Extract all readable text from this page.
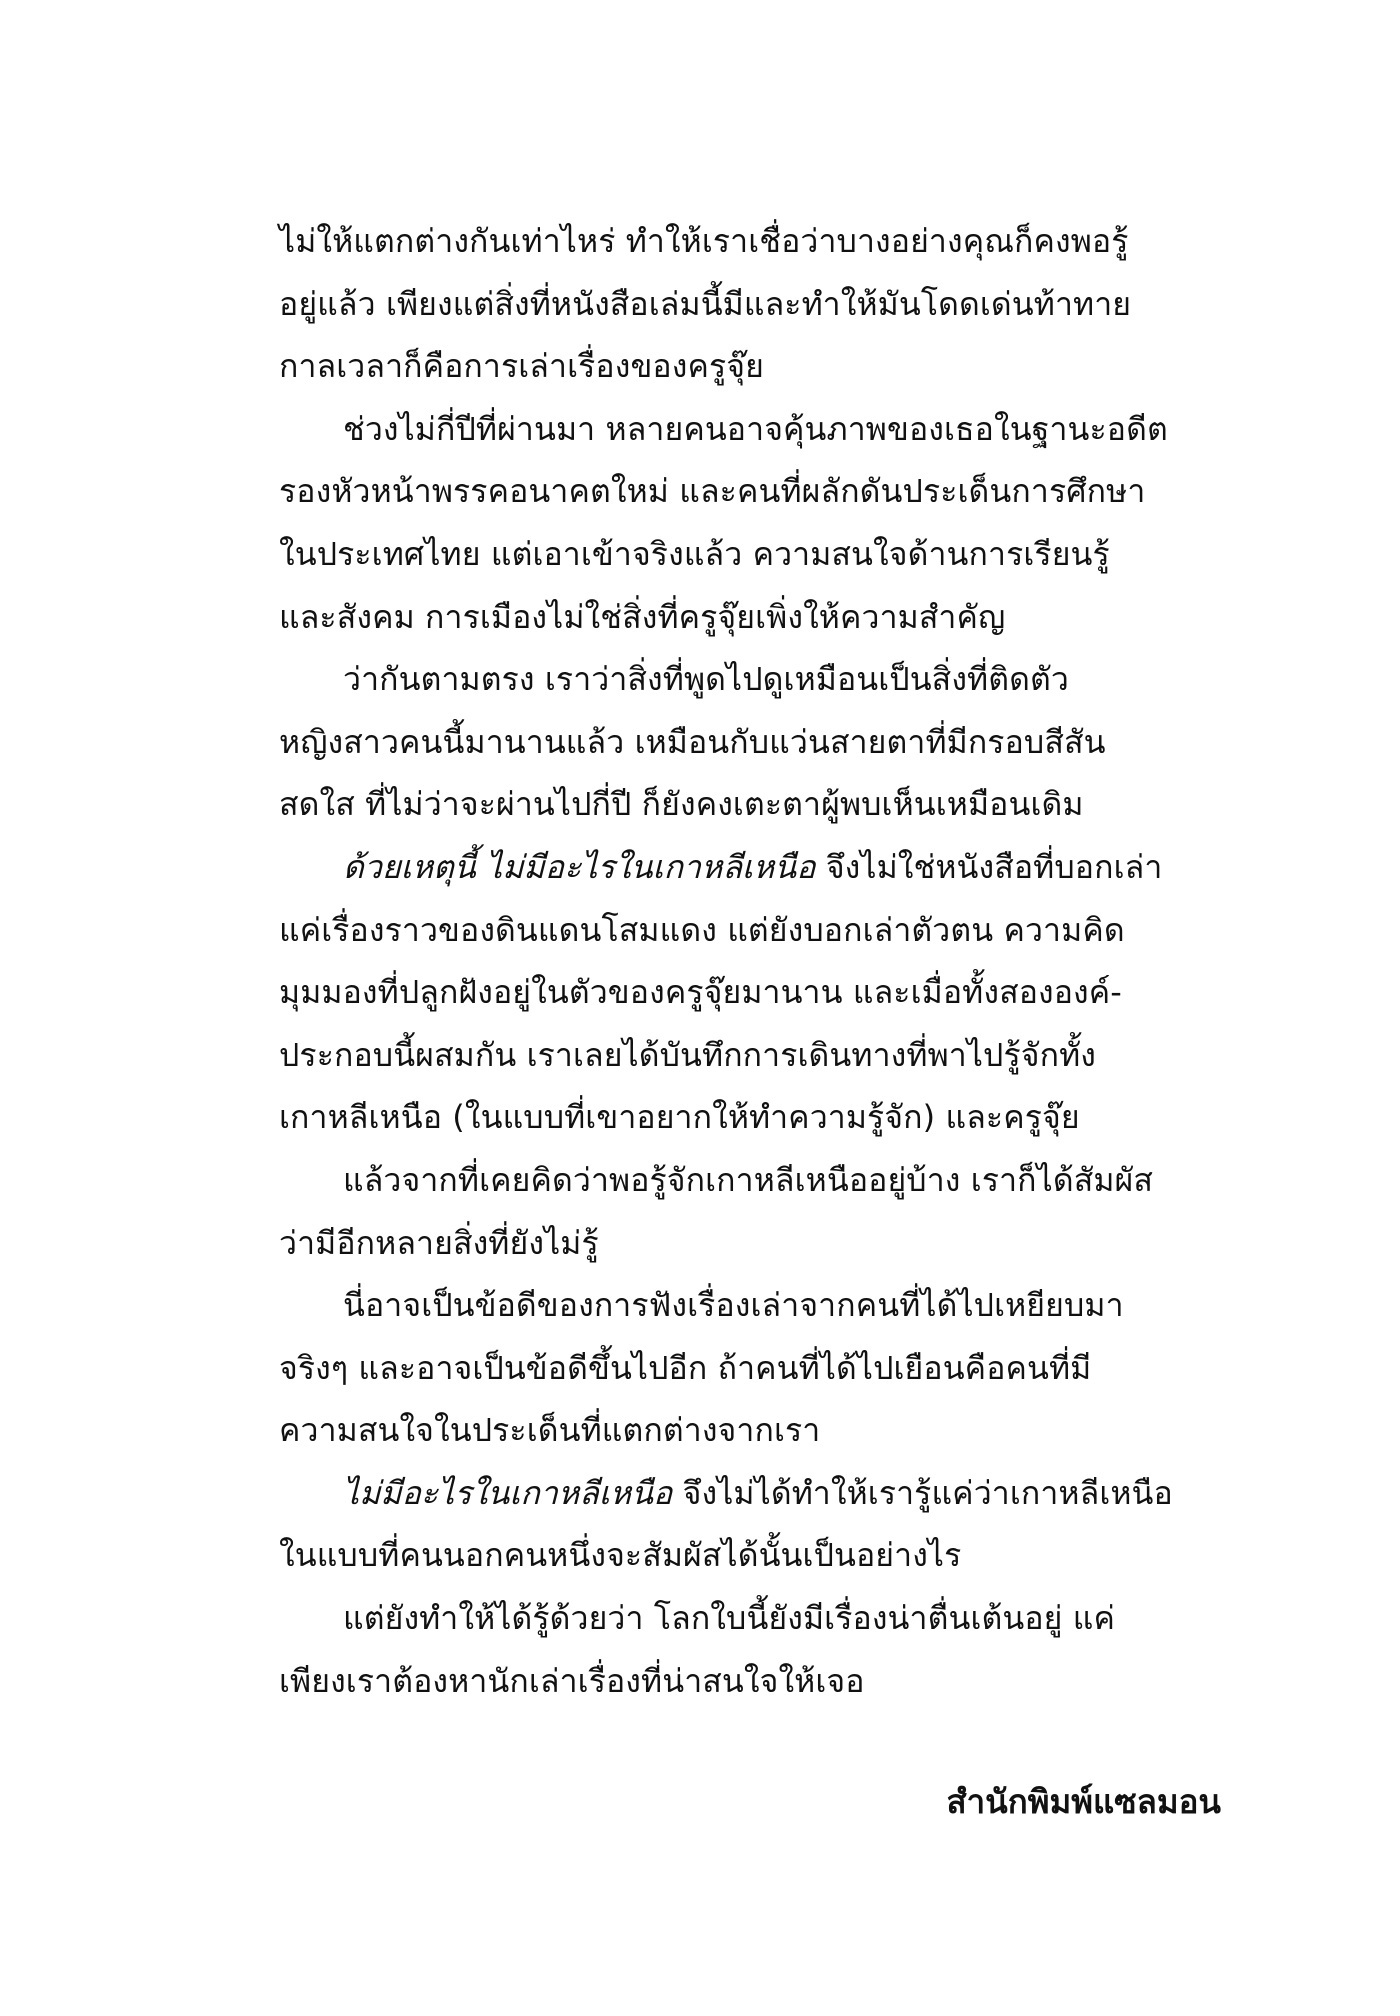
ไม่ให้แตกต่างกันเท่าไหร่ ทำให้เราเชื่อว่าบางอย่างคุณก็คงพอรู้
อยู่แล้ว เพียงแต่สิ่งที่หนังสือเล่มนี้มีและทำให้มันโดดเด่นท้าทาย
กาลเวลาก็คือการเล่าเรื่องของครูจุ๊ย
ช่วงไม่กี่ปีที่ผ่านมา หลายคนอาจคุ้นภาพของเธอในฐานะอดีต
รองหัวหน้าพรรคอนาคตใหม่ และคนที่ผลักดันประเด็นการศึกษา
ในประเทศไทย แต่เอาเข้าจริงแล้ว ความสนใจด้านการเรียนรู้
และสังคม การเมืองไม่ใช่สิ่งที่ครูจุ๊ยเพิ่งให้ความสำคัญ
ว่ากันตามตรง เราว่าสิ่งที่พูดไปดูเหมือนเป็นสิ่งที่ติดตัว
หญิงสาวคนนี้มานานแล้ว เหมือนกับแว่นสายตาที่มีกรอบสีสัน
สดใส ที่ไม่ว่าจะผ่านไปกี่ปี ก็ยังคงเตะตาผู้พบเห็นเหมือนเดิม
ด้วยเหตุนี้ ไม่มีอะไรในเกาหลีเหนือ จึงไม่ใช่หนังสือที่บอกเล่า
แค่เรื่องราวของดินแดนโสมแดง แต่ยังบอกเล่าตัวตน ความคิด
มุมมองที่ปลูกฝังอยู่ในตัวของครูจุ๊ยมานาน และเมื่อทั้งสององค์-
ประกอบนี้ผสมกัน เราเลยได้บันทึกการเดินทางที่พาไปรู้จักทั้ง
เกาหลีเหนือ (ในแบบที่เขาอยากให้ทำความรู้จัก) และครูจุ๊ย
แล้วจากที่เคยคิดว่าพอรู้จักเกาหลีเหนืออยู่บ้าง เราก็ได้สัมผัส
ว่ามีอีกหลายสิ่งที่ยังไม่รู้
นี่อาจเป็นข้อดีของการฟังเรื่องเล่าจากคนที่ได้ไปเหยียบมา
จริงๆ และอาจเป็นข้อดีขึ้นไปอีก ถ้าคนที่ได้ไปเยือนคือคนที่มี
ความสนใจในประเด็นที่แตกต่างจากเรา
ไม่มีอะไรในเกาหลีเหนือ จึงไม่ได้ทำให้เรารู้แค่ว่าเกาหลีเหนือ
ในแบบที่คนนอกคนหนึ่งจะสัมผัสได้นั้นเป็นอย่างไร
แต่ยังทำให้ได้รู้ด้วยว่า โลกใบนี้ยังมีเรื่องน่าตื่นเต้นอยู่ แค่
เพียงเราต้องหานักเล่าเรื่องที่น่าสนใจให้เจอ
สำนักพิมพ์แซลมอน
